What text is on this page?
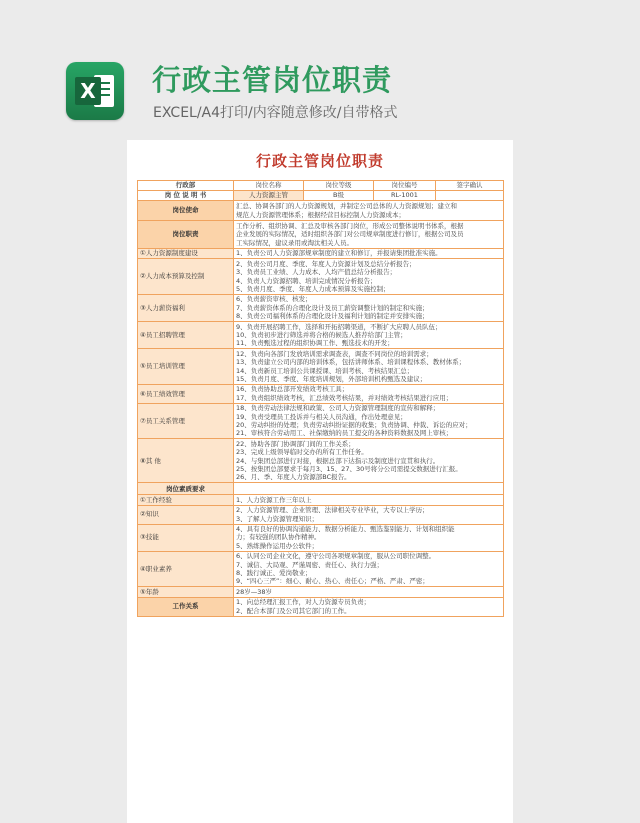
X 行政主管岗位职责
EXCEL/A4打印/内容随意修改/自带格式
行政主管岗位职责
行政部	岗位名称	岗位等级	岗位编号	签字确认
岗 位 说 明 书	人力资源主管	B级	RL-1001	
岗位使命	汇总、协调各部门的人力资源规划，并制定公司总体的人力资源规划；建立和
规范人力资源管理体系；根据经营目标控制人力资源成本；			

岗位职责	工作分析、组织协调、汇总及审核各部门岗位，形成公司整体说明书体系，根据
企业发展的实际情况，适时组织各部门对公司规章制度进行修订，根据公司及员
工实际情况，建议录用或淘汰相关人员。			

①人力资源制度建设	1、负责公司人力资源部规章制度的建立和修订，并报请集团批准实施。			

②人力成本预算及控制	2、负责公司月度、季度、年度人力资源计划及总结分析报告；
3、负责员工业绩、人力成本、人均产值总结分析报告；
4、负责人力资源招聘、培训完成情况分析报告；
5、负责月度、季度、年度人力成本预算及实施控制；			

③人力薪资福利	6、负责薪资审核、核发；
7、负责薪资体系的合理化设计及员工薪资调整计划的制定和实施；
8、负责公司福利体系的合理化设计及福利计划的制定并安排实施；			

④员工招聘管理	9、负责开展招聘工作，选择和开拓招聘渠道，不断扩大应聘人员队伍；
10、负责初步进行筛选并将合格的候选人推荐给部门主管；
11、负责甄选过程的组织协调工作、甄选技术的开发；			

⑤员工培训管理	12、负责向各部门发放培训需求调查表，调查不同岗位的培训需求；
13、负责建立公司内部的培训体系，包括讲师体系、培训课程体系、教材体系；
14、负责新员工培训公共课授课、培训考核、考核结果汇总；
15、负责月度、季度、年度培训规划，外部培训机构甄选及建议；			

⑥员工绩效管理	16、负责协助总部开发绩效考核工具；
17、负责组织绩效考核，汇总绩效考核结果，并对绩效考核结果进行应用；			

⑦员工关系管理	18、负责劳动法律法规和政策、公司人力资源管理制度的宣传和解释；
19、负责受理员工投诉并与相关人员沟通，作出处理意见；
20、劳动纠纷的处理；负责劳动纠纷证据的收集；负责协调、仲裁、诉讼的应对；
21、审核符合劳动用工、社保缴纳的员工提交的各种资料数据及网上审核；			

⑧其 他	22、协助各部门协调部门间的工作关系；
23、完成上级领导临时交办的所有工作任务。
24、与集团总部进行对接，根据总部下达指示及制度进行宣贯和执行。
25、按集团总部要求于每月3、15、27、30号将分公司需提交数据进行汇报。
26、月、季、年度人力资源部BC报告。			

岗位素质要求				
①工作经验	1、人力资源工作三年以上			

②知识	2、人力资源管理、企业管理、法律相关专业毕业，大专以上学历；
3、了解人力资源管理知识；			

③技能	4、具有良好的协调沟通能力、数据分析能力、甄选鉴别能力、计划和组织能
力；有较强的团队协作精神。
5、熟练操作运用办公软件；			

④职业素养	6、认同公司企业文化，遵守公司各项规章制度，服从公司职位调整。
7、诚信、大局观、严谨周密、责任心、执行力强；
8、践行诚正、爱岗敬业；
9、“四心三严”：细心、耐心、热心、责任心；严格、严肃、严密；			

⑤年龄	28岁—38岁			

工作关系	1、向总经理汇报工作，对人力资源专员负责；
2、配合本部门及公司其它部门的工作。			
